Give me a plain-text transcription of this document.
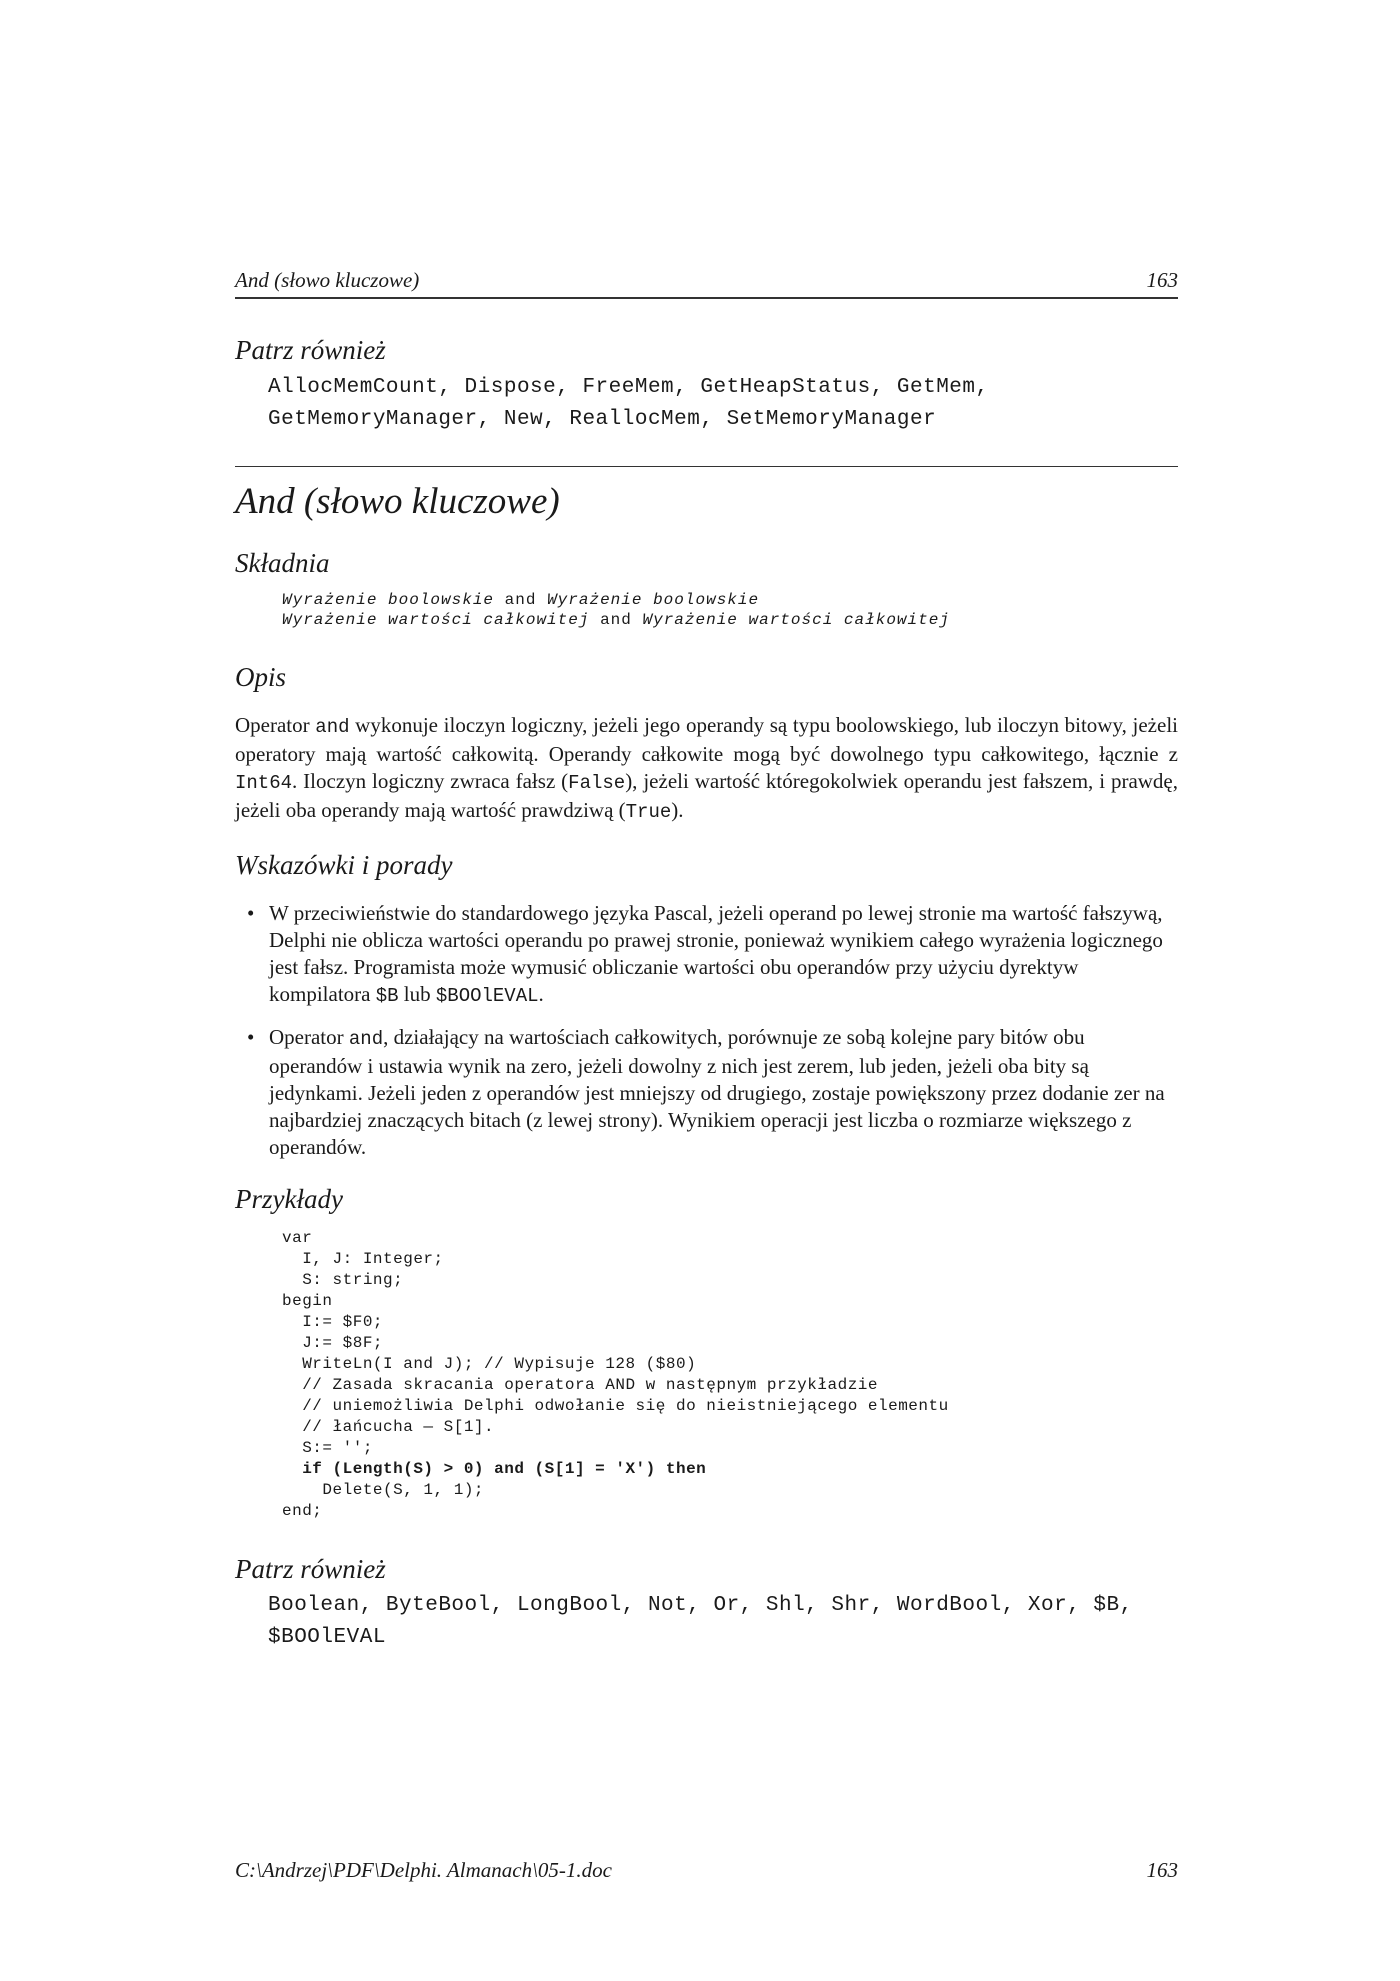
And (słowo kluczowe)	163
Patrz również
AllocMemCount, Dispose, FreeMem, GetHeapStatus, GetMem,
GetMemoryManager, New, ReallocMem, SetMemoryManager
And (słowo kluczowe)
Składnia
Wyrażenie boolowskie and Wyrażenie boolowskie
Wyrażenie wartości całkowitej and Wyrażenie wartości całkowitej
Opis

Operator and wykonuje iloczyn logiczny, jeżeli jego operandy są typu boolowskiego, lub iloczyn bitowy, jeżeli operatory mają wartość całkowitą. Operandy całkowite mogą być dowolnego typu całkowitego, łącznie z Int64. Iloczyn logiczny zwraca fałsz (False), jeżeli wartość któregokolwiek operandu jest fałszem, i prawdę, jeżeli oba operandy mają wartość prawdziwą (True).

Wskazówki i porady
• W przeciwieństwie do standardowego języka Pascal, jeżeli operand po lewej stronie ma wartość fałszywą, Delphi nie oblicza wartości operandu po prawej stronie, ponieważ wynikiem całego wyrażenia logicznego jest fałsz. Programista może wymusić obliczanie wartości obu operandów przy użyciu dyrektyw kompilatora $B lub $BOOlEVAL.
• Operator and, działający na wartościach całkowitych, porównuje ze sobą kolejne pary bitów obu operandów i ustawia wynik na zero, jeżeli dowolny z nich jest zerem, lub jeden, jeżeli oba bity są jedynkami. Jeżeli jeden z operandów jest mniejszy od drugiego, zostaje powiększony przez dodanie zer na najbardziej znaczących bitach (z lewej strony). Wynikiem operacji jest liczba o rozmiarze większego z operandów.
Przykłady
var
I, J: Integer;
S: string;
begin
I:= $F0;
J:= $8F;
WriteLn(I and J); // Wypisuje 128 ($80)
// Zasada skracania operatora AND w następnym przykładzie
// uniemożliwia Delphi odwołanie się do nieistniejącego elementu
// łańcucha — S[1].
S:= '';
if (Length(S) > 0) and (S[1] = 'X') then
Delete(S, 1, 1);
end;
Patrz również
Boolean, ByteBool, LongBool, Not, Or, Shl, Shr, WordBool, Xor, $B,
$BOOlEVAL
C:\Andrzej\PDF\Delphi. Almanach\05-1.doc	163
